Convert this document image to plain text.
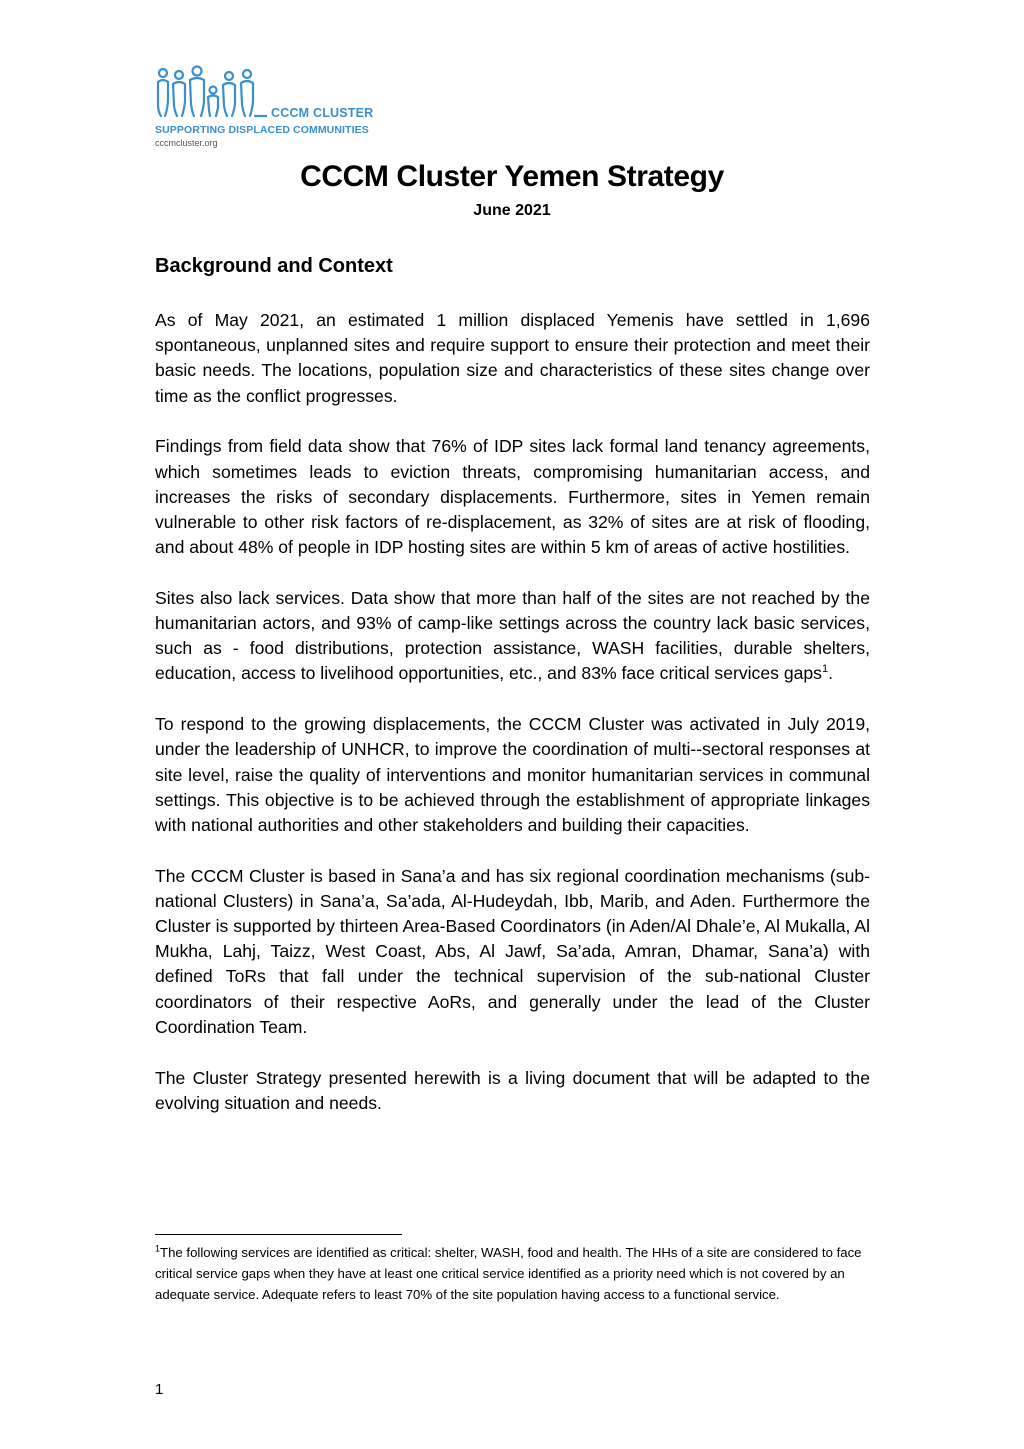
CCCM CLUSTER
SUPPORTING DISPLACED COMMUNITIES
cccmcluster.org
CCCM Cluster Yemen Strategy

June 2021

Background and Context

As of May 2021, an estimated 1 million displaced Yemenis have settled in 1,696 spontaneous, unplanned sites and require support to ensure their protection and meet their basic needs. The locations, population size and characteristics of these sites change over time as the conflict progresses.

Findings from field data show that 76% of IDP sites lack formal land tenancy agreements, which sometimes leads to eviction threats, compromising humanitarian access, and increases the risks of secondary displacements. Furthermore, sites in Yemen remain vulnerable to other risk factors of re-displacement, as 32% of sites are at risk of flooding, and about 48% of people in IDP hosting sites are within 5 km of areas of active hostilities.

Sites also lack services. Data show that more than half of the sites are not reached by the humanitarian actors, and 93% of camp-like settings across the country lack basic services, such as - food distributions, protection assistance, WASH facilities, durable shelters, education, access to livelihood opportunities, etc., and 83% face critical services gaps$^1$.

To respond to the growing displacements, the CCCM Cluster was activated in July 2019, under the leadership of UNHCR, to improve the coordination of multi--sectoral responses at site level, raise the quality of interventions and monitor humanitarian services in communal settings. This objective is to be achieved through the establishment of appropriate linkages with national authorities and other stakeholders and building their capacities.

The CCCM Cluster is based in Sana’a and has six regional coordination mechanisms (sub-national Clusters) in Sana’a, Sa’ada, Al-Hudeydah, Ibb, Marib, and Aden. Furthermore the Cluster is supported by thirteen Area-Based Coordinators (in Aden/Al Dhale’e, Al Mukalla, Al Mukha, Lahj, Taizz, West Coast, Abs, Al Jawf, Sa’ada, Amran, Dhamar, Sana’a) with defined ToRs that fall under the technical supervision of the sub-national Cluster coordinators of their respective AoRs, and generally under the lead of the Cluster Coordination Team.

The Cluster Strategy presented herewith is a living document that will be adapted to the evolving situation and needs.

$^1$The following services are identified as critical: shelter, WASH, food and health. The HHs of a site are considered to face critical service gaps when they have at least one critical service identified as a priority need which is not covered by an adequate service. Adequate refers to least 70% of the site population having access to a functional service.

1
